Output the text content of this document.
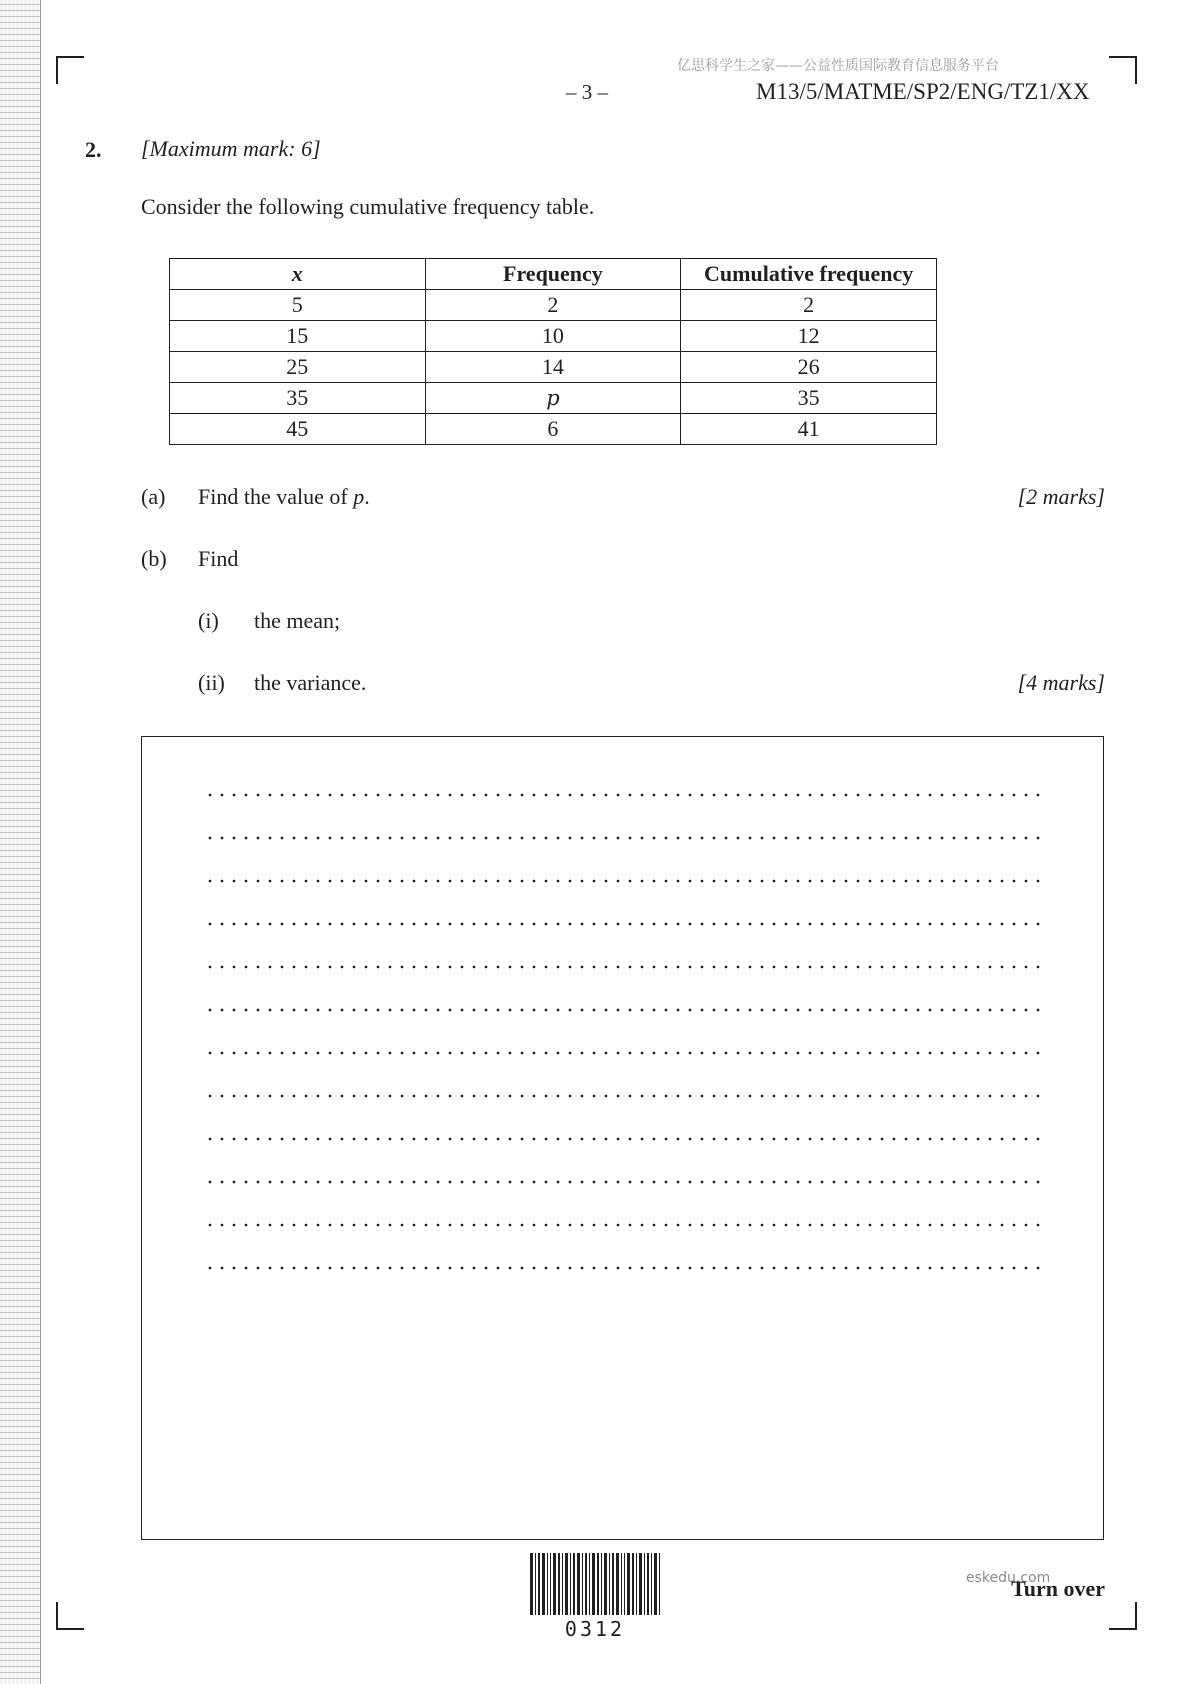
亿思科学生之家——公益性质国际教育信息服务平台
– 3 –	M13/5/MATME/SP2/ENG/TZ1/XX
2. [Maximum mark: 6]
Consider the following cumulative frequency table.
x	Frequency	Cumulative frequency
5	2	2
15	10	12
25	14	26
35	p	35
45	6	41
(a) Find the value of p.	[2 marks]
(b) Find
(i) the mean;
(ii) the variance.	[4 marks]
0312
eskedu.com
Turn over
